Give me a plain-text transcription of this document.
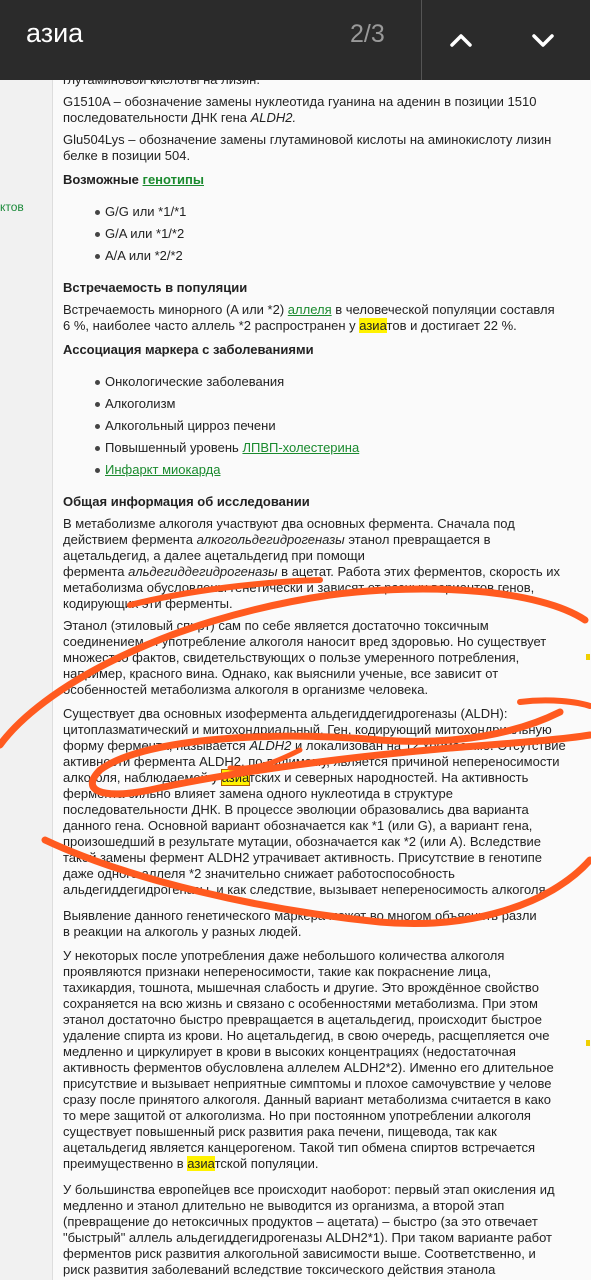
азиа	2/3
ктов
G1510A – обозначение замены нуклеотида гуанина на аденин в позиции 1510
последовательности ДНК гена ALDH2.
Glu504Lys – обозначение замены глутаминовой кислоты на аминокислоту лизин
белке в позиции 504.
Возможные генотипы
G/G или *1/*1
G/A или *1/*2
A/A или *2/*2
Встречаемость в популяции
Встречаемость минорного (A или *2) аллеля в человеческой популяции составля
6 %, наиболее часто аллель *2 распространен у азиатов и достигает 22 %.
Ассоциация маркера с заболеваниями
Онкологические заболевания
Алкоголизм
Алкогольный цирроз печени
Повышенный уровень ЛПВП-холестерина
Инфаркт миокарда
Общая информация об исследовании
В метаболизме алкоголя участвуют два основных фермента. Сначала под
действием фермента алкогольдегидрогеназы этанол превращается в
ацетальдегид, а далее ацетальдегид при помощи
фермента альдегиддегидрогеназы в ацетат. Работа этих ферментов, скорость их
метаболизма обусловлены генетически и зависят от разных вариантов генов,
кодирующих эти ферменты.
Этанол (этиловый спирт) сам по себе является достаточно токсичным
соединением, и употребление алкоголя наносит вред здоровью. Но существует
множество фактов, свидетельствующих о пользе умеренного потребления,
например, красного вина. Однако, как выяснили ученые, все зависит от
особенностей метаболизма алкоголя в организме человека.
Существует два основных изофермента альдегиддегидрогеназы (ALDH):
цитоплазматический и митохондриальный. Ген, кодирующий митохондриальную
форму фермента, называется ALDH2 и локализован на 12 хромосоме. Отсутствие
активности фермента ALDH2, по-видимому, является причиной непереносимости
алкоголя, наблюдаемой у азиатских и северных народностей. На активность
фермента сильно влияет замена одного нуклеотида в структуре
последовательности ДНК. В процессе эволюции образовались два варианта
данного гена. Основной вариант обозначается как *1 (или G), а вариант гена,
произошедший в результате мутации, обозначается как *2 (или A). Вследствие
такой замены фермент ALDH2 утрачивает активность. Присутствие в генотипе
даже одного аллеля *2 значительно снижает работоспособность
альдегиддегидрогеназы, и как следствие, вызывает непереносимость алкоголя.
Выявление данного генетического маркера может во многом объяснить разли
в реакции на алкоголь у разных людей.
У некоторых после употребления даже небольшого количества алкоголя
проявляются признаки непереносимости, такие как покраснение лица,
тахикардия, тошнота, мышечная слабость и другие. Это врождённое свойство
сохраняется на всю жизнь и связано с особенностями метаболизма. При этом
этанол достаточно быстро превращается в ацетальдегид, происходит быстрое
удаление спирта из крови. Но ацетальдегид, в свою очередь, расщепляется оче
медленно и циркулирует в крови в высоких концентрациях (недостаточная
активность ферментов обусловлена аллелем ALDH2*2). Именно его длительное
присутствие и вызывает неприятные симптомы и плохое самочувствие у челове
сразу после принятого алкоголя. Данный вариант метаболизма считается в како
то мере защитой от алкоголизма. Но при постоянном употреблении алкоголя
существует повышенный риск развития рака печени, пищевода, так как
ацетальдегид является канцерогеном. Такой тип обмена спиртов встречается
преимущественно в азиатской популяции.
У большинства европейцев все происходит наоборот: первый этап окисления ид
медленно и этанол длительно не выводится из организма, а второй этап
(превращение до нетоксичных продуктов – ацетата) – быстро (за это отвечает
"быстрый" аллель альдегиддегидрогеназы ALDH2*1). При таком варианте работ
ферментов риск развития алкогольной зависимости выше. Соответственно, и
риск развития заболеваний вследствие токсического действия этанола
